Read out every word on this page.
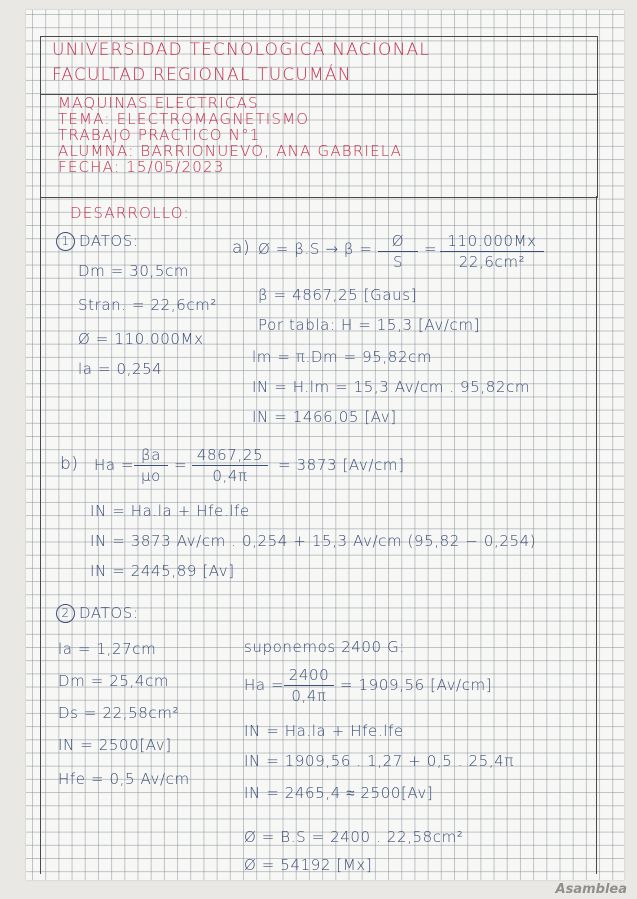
UNIVERSIDAD TECNOLOGICA NACIONAL
FACULTAD REGIONAL TUCUMÁN
MAQUINAS ELECTRICAS
TEMA: ELECTROMAGNETISMO
TRABAJO PRACTICO N°1
ALUMNA: BARRIONUEVO, ANA GABRIELA
FECHA: 15/05/2023
DESARROLLO:
1 DATOS:
Dm = 30,5cm
Stran. = 22,6cm²
Ø = 110.000Mx
la = 0,254
a) Ø = β.S → β =	Ø
S
= 110.000Mx
22,6cm²
β = 4867,25 [Gaus]
Por tabla: H = 15,3 [Av/cm]
lm = π.Dm = 95,82cm
IN = H.lm = 15,3 Av/cm . 95,82cm
IN = 1466,05 [Av]
b) Ha =
βa
μo
=
4867,25
0,4π
= 3873 [Av/cm]
IN = Ha.la + Hfe.lfe
IN = 3873 Av/cm . 0,254 + 15,3 Av/cm (95,82 − 0,254)
IN = 2445,89 [Av]
2 DATOS:
la = 1,27cm
Dm = 25,4cm
Ds = 22,58cm²
IN = 2500[Av]
Hfe = 0,5 Av/cm
suponemos 2400 G:
Ha =
2400
0,4π
= 1909,56 [Av/cm]
IN = Ha.la + Hfe.lfe
IN = 1909,56 . 1,27 + 0,5 . 25,4π
IN = 2465,4 ≈ 2500[Av]
Ø = B.S = 2400 . 22,58cm²
Ø = 54192 [Mx]
Asamblea
